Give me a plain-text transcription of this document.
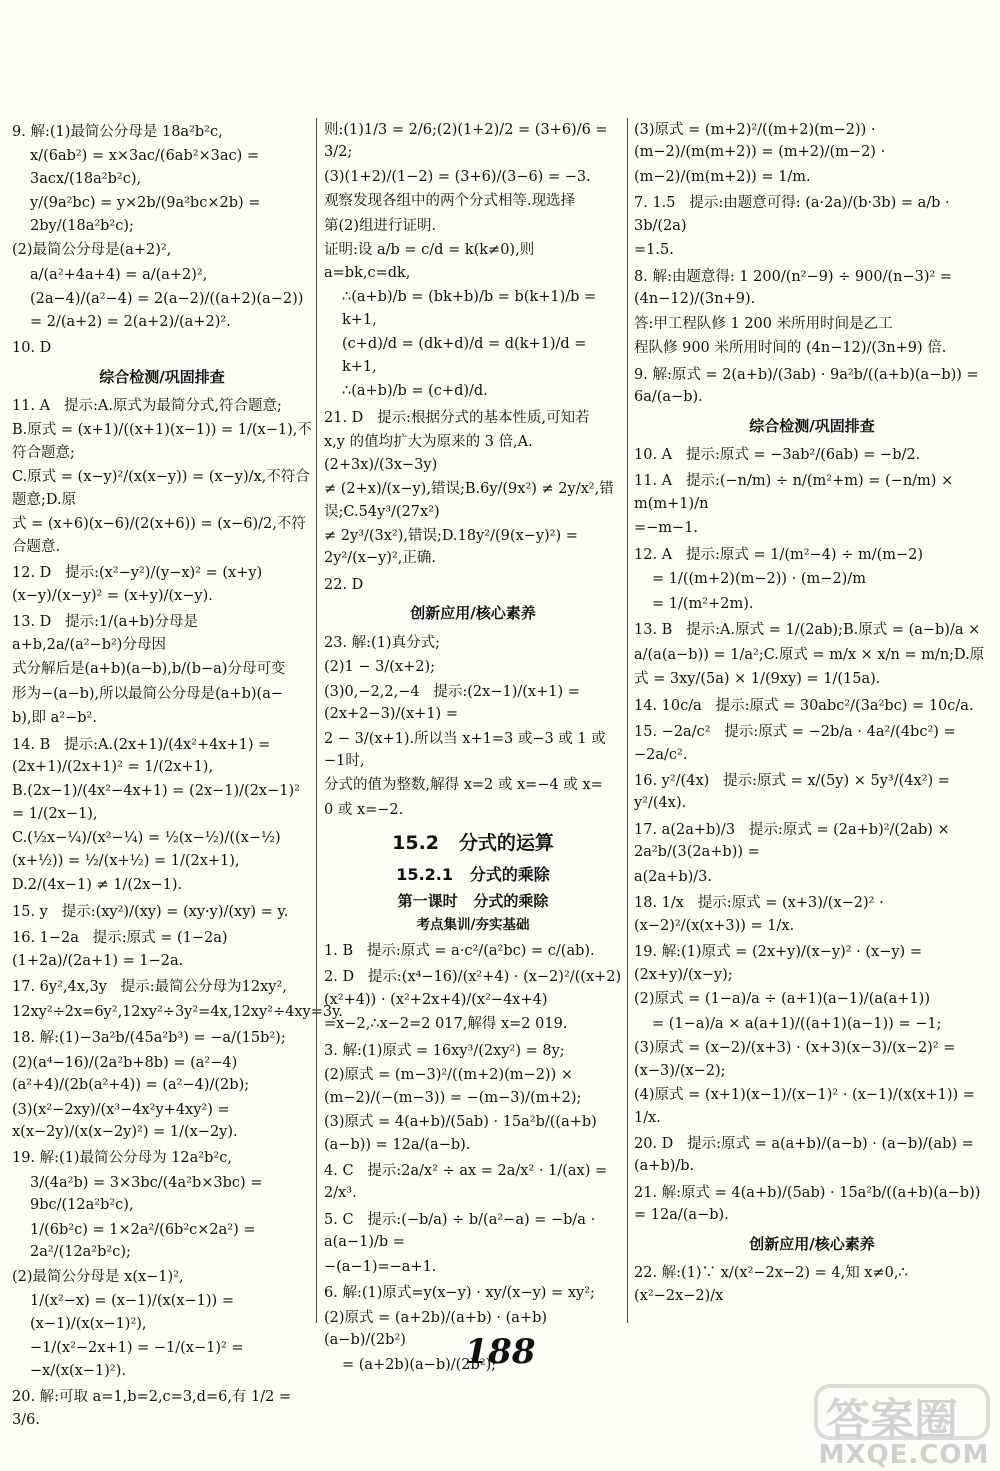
9. 解:(1)最简公分母是 18a²b²c,
x/(6ab²) = x×3ac/(6ab²×3ac) = 3acx/(18a²b²c),
y/(9a²bc) = y×2b/(9a²bc×2b) = 2by/(18a²b²c);
(2)最简公分母是(a+2)²,
a/(a²+4a+4) = a/(a+2)²,
(2a−4)/(a²−4) = 2(a−2)/((a+2)(a−2)) = 2/(a+2) = 2(a+2)/(a+2)².
10. D
综合检测/巩固排查
11. A   提示:A.原式为最简分式,符合题意;
B.原式 = (x+1)/((x+1)(x−1)) = 1/(x−1),不符合题意;
C.原式 = (x−y)²/(x(x−y)) = (x−y)/x,不符合题意;D.原
式 = (x+6)(x−6)/(2(x+6)) = (x−6)/2,不符合题意.
12. D   提示:(x²−y²)/(y−x)² = (x+y)(x−y)/(x−y)² = (x+y)/(x−y).
13. D   提示:1/(a+b)分母是 a+b,2a/(a²−b²)分母因
式分解后是(a+b)(a−b),b/(b−a)分母可变
形为−(a−b),所以最简公分母是(a+b)(a−
b),即 a²−b².
14. B   提示:A.(2x+1)/(4x²+4x+1) = (2x+1)/(2x+1)² = 1/(2x+1),
B.(2x−1)/(4x²−4x+1) = (2x−1)/(2x−1)² = 1/(2x−1),
C.(½x−¼)/(x²−¼) = ½(x−½)/((x−½)(x+½)) = ½/(x+½) = 1/(2x+1),
D.2/(4x−1) ≠ 1/(2x−1).
15. y   提示:(xy²)/(xy) = (xy·y)/(xy) = y.
16. 1−2a   提示:原式 = (1−2a)(1+2a)/(2a+1) = 1−2a.
17. 6y²,4x,3y   提示:最简公分母为12xy²,
12xy²÷2x=6y²,12xy²÷3y²=4x,12xy²÷4xy=3y.
18. 解:(1)−3a²b/(45a²b³) = −a/(15b²);
(2)(a⁴−16)/(2a²b+8b) = (a²−4)(a²+4)/(2b(a²+4)) = (a²−4)/(2b);
(3)(x²−2xy)/(x³−4x²y+4xy²) = x(x−2y)/(x(x−2y)²) = 1/(x−2y).
19. 解:(1)最简公分母为 12a²b²c,
3/(4a²b) = 3×3bc/(4a²b×3bc) = 9bc/(12a²b²c),
1/(6b²c) = 1×2a²/(6b²c×2a²) = 2a²/(12a²b²c);
(2)最简公分母是 x(x−1)²,
1/(x²−x) = (x−1)/(x(x−1)) = (x−1)/(x(x−1)²),
−1/(x²−2x+1) = −1/(x−1)² = −x/(x(x−1)²).
20. 解:可取 a=1,b=2,c=3,d=6,有 1/2 = 3/6.
则:(1)1/3 = 2/6;(2)(1+2)/2 = (3+6)/6 = 3/2;
(3)(1+2)/(1−2) = (3+6)/(3−6) = −3.
观察发现各组中的两个分式相等.现选择
第(2)组进行证明.
证明:设 a/b = c/d = k(k≠0),则 a=bk,c=dk,
∴(a+b)/b = (bk+b)/b = b(k+1)/b = k+1,
(c+d)/d = (dk+d)/d = d(k+1)/d = k+1,
∴(a+b)/b = (c+d)/d.
21. D   提示:根据分式的基本性质,可知若
x,y 的值均扩大为原来的 3 倍,A.(2+3x)/(3x−3y)
≠ (2+x)/(x−y),错误;B.6y/(9x²) ≠ 2y/x²,错误;C.54y³/(27x²)
≠ 2y³/(3x²),错误;D.18y²/(9(x−y)²) = 2y²/(x−y)²,正确.
22. D
创新应用/核心素养
23. 解:(1)真分式;
(2)1 − 3/(x+2);
(3)0,−2,2,−4   提示:(2x−1)/(x+1) = (2x+2−3)/(x+1) =
2 − 3/(x+1).所以当 x+1=3 或−3 或 1 或−1时,
分式的值为整数,解得 x=2 或 x=−4 或 x=
0 或 x=−2.
15.2   分式的运算
15.2.1   分式的乘除
第一课时   分式的乘除
考点集训/夯实基础
1. B   提示:原式 = a·c²/(a²bc) = c/(ab).
2. D   提示:(x⁴−16)/(x²+4) · (x−2)²/((x+2)(x²+4)) · (x²+2x+4)/(x²−4x+4)
=x−2,∴x−2=2 017,解得 x=2 019.
3. 解:(1)原式 = 16xy³/(2xy²) = 8y;
(2)原式 = (m−3)²/((m+2)(m−2)) × (m−2)/(−(m−3)) = −(m−3)/(m+2);
(3)原式 = 4(a+b)/(5ab) · 15a²b/((a+b)(a−b)) = 12a/(a−b).
4. C   提示:2a/x² ÷ ax = 2a/x² · 1/(ax) = 2/x³.
5. C   提示:(−b/a) ÷ b/(a²−a) = −b/a · a(a−1)/b =
−(a−1)=−a+1.
6. 解:(1)原式=y(x−y) · xy/(x−y) = xy²;
(2)原式 = (a+2b)/(a+b) · (a+b)(a−b)/(2b²)
= (a+2b)(a−b)/(2b²);
(3)原式 = (m+2)²/((m+2)(m−2)) · (m−2)/(m(m+2)) = (m+2)/(m−2) ·
(m−2)/(m(m+2)) = 1/m.
7. 1.5   提示:由题意可得: (a·2a)/(b·3b) = a/b · 3b/(2a)
=1.5.
8. 解:由题意得: 1 200/(n²−9) ÷ 900/(n−3)² = (4n−12)/(3n+9).
答:甲工程队修 1 200 米所用时间是乙工
程队修 900 米所用时间的 (4n−12)/(3n+9) 倍.
9. 解:原式 = 2(a+b)/(3ab) · 9a²b/((a+b)(a−b)) = 6a/(a−b).
综合检测/巩固排查
10. A   提示:原式 = −3ab²/(6ab) = −b/2.
11. A   提示:(−n/m) ÷ n/(m²+m) = (−n/m) × m(m+1)/n
=−m−1.
12. A   提示:原式 = 1/(m²−4) ÷ m/(m−2)
= 1/((m+2)(m−2)) · (m−2)/m
= 1/(m²+2m).
13. B   提示:A.原式 = 1/(2ab);B.原式 = (a−b)/a ×
a/(a(a−b)) = 1/a²;C.原式 = m/x × x/n = m/n;D.原
式 = 3xy/(5a) × 1/(9xy) = 1/(15a).
14. 10c/a   提示:原式 = 30abc²/(3a²bc) = 10c/a.
15. −2a/c²   提示:原式 = −2b/a · 4a²/(4bc²) = −2a/c².
16. y²/(4x)   提示:原式 = x/(5y) × 5y³/(4x²) = y²/(4x).
17. a(2a+b)/3   提示:原式 = (2a+b)²/(2ab) × 2a²b/(3(2a+b)) =
a(2a+b)/3.
18. 1/x   提示:原式 = (x+3)/(x−2)² · (x−2)²/(x(x+3)) = 1/x.
19. 解:(1)原式 = (2x+y)/(x−y)² · (x−y) = (2x+y)/(x−y);
(2)原式 = (1−a)/a ÷ (a+1)(a−1)/(a(a+1))
= (1−a)/a × a(a+1)/((a+1)(a−1)) = −1;
(3)原式 = (x−2)/(x+3) · (x+3)(x−3)/(x−2)² = (x−3)/(x−2);
(4)原式 = (x+1)(x−1)/(x−1)² · (x−1)/(x(x+1)) = 1/x.
20. D   提示:原式 = a(a+b)/(a−b) · (a−b)/(ab) = (a+b)/b.
21. 解:原式 = 4(a+b)/(5ab) · 15a²b/((a+b)(a−b)) = 12a/(a−b).
创新应用/核心素养
22. 解:(1)∵ x/(x²−2x−2) = 4,知 x≠0,∴ (x²−2x−2)/x
188
答案圈
MXQE.COM
